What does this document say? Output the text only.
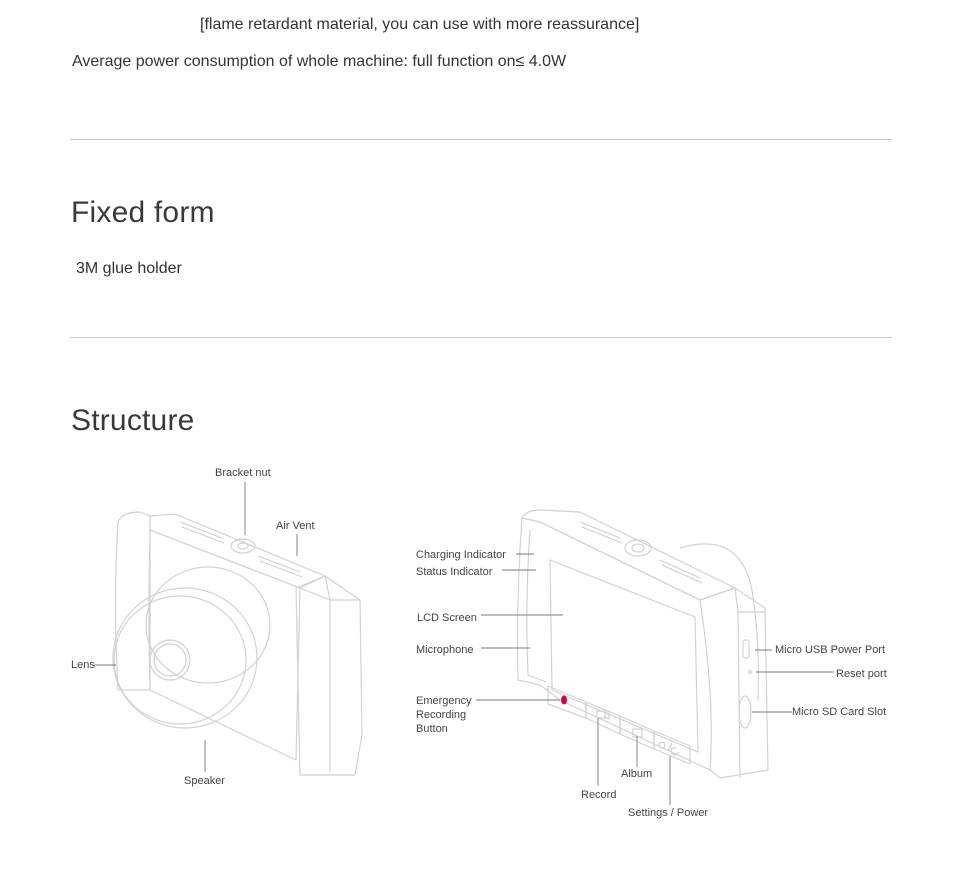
[flame retardant material, you can use with more reassurance]
Average power consumption of whole machine: full function on≤ 4.0W
Fixed form
3M glue holder
Structure
Bracket nut
Air Vent
Lens
Speaker
Charging Indicator
Status Indicator
LCD Screen
Microphone
Emergency
Recording
Button
Record
Album
Settings / Power
Micro USB Power Port
Reset port
Micro SD Card Slot
